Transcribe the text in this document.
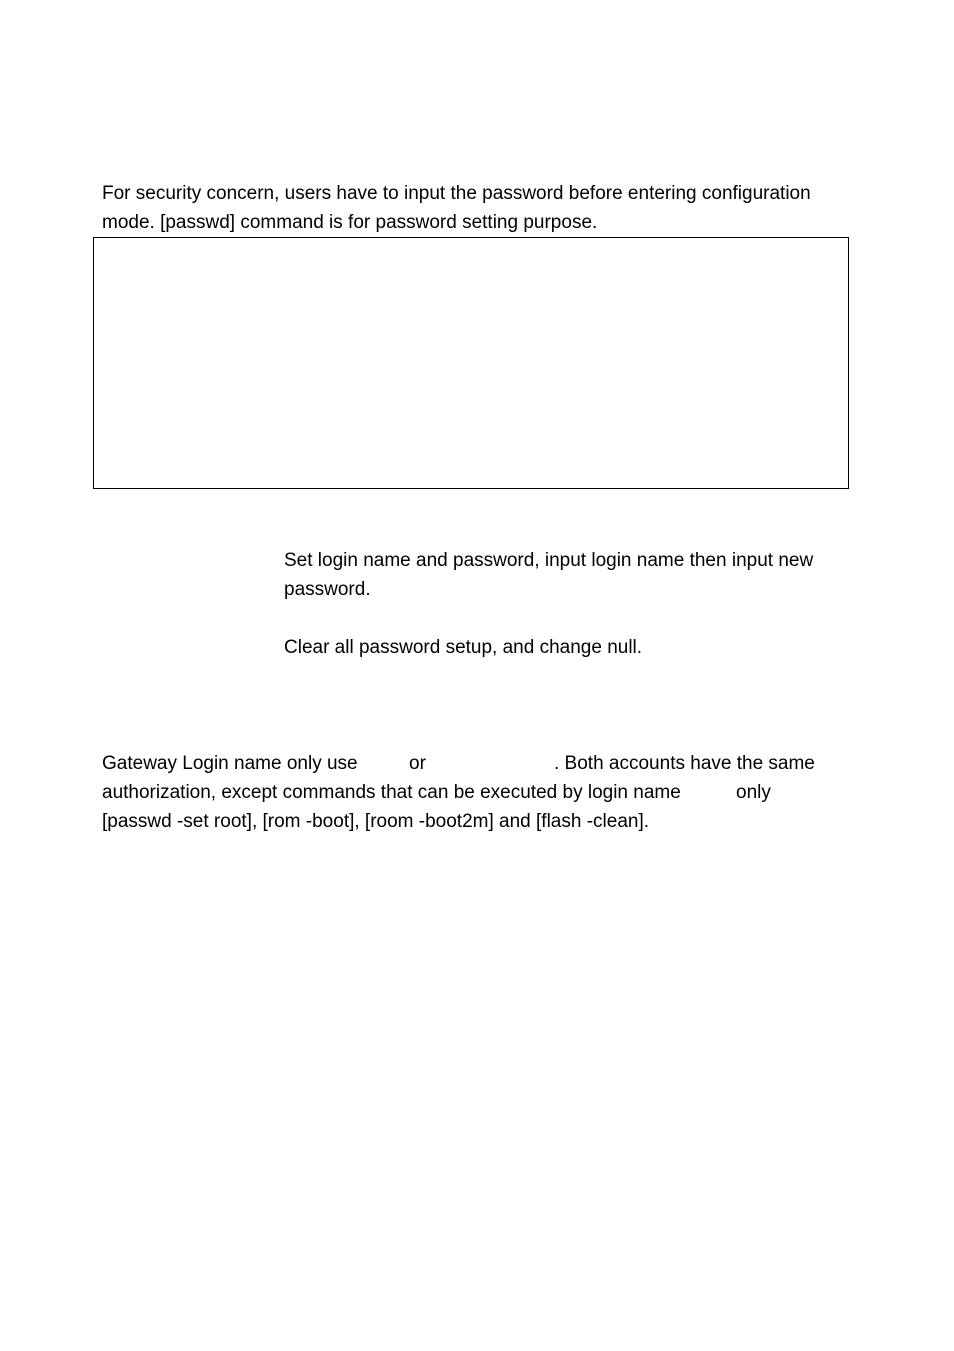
For security concern, users have to input the password before entering configuration
mode. [passwd] command is for password setting purpose.
Set login name and password, input login name then input new
password.
Clear all password setup, and change null.
Gateway Login name only use	or	. Both accounts have the same
authorization, except commands that can be executed by login name	only
[passwd -set root], [rom -boot], [room -boot2m] and [flash -clean].
